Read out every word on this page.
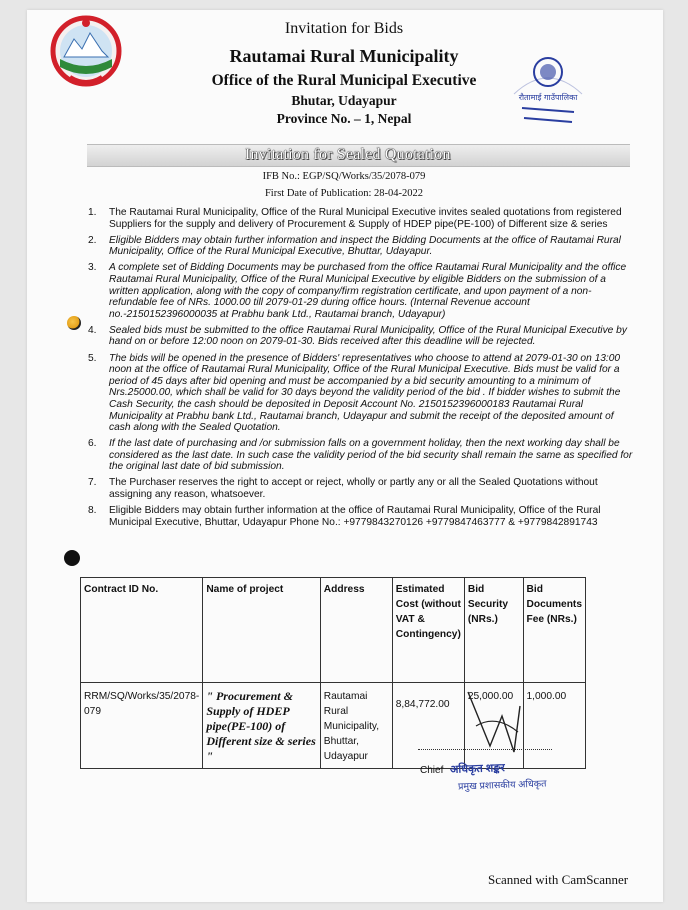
Invitation for Bids
Rautamai Rural Municipality
Office of the Rural Municipal Executive
Bhutar, Udayapur
Province No. – 1, Nepal
रौतामाई गाउँपालिका
Invitation for Sealed Quotation
IFB No.: EGP/SQ/Works/35/2078-079
First Date of Publication: 28-04-2022
1. The Rautamai Rural Municipality, Office of the Rural Municipal Executive invites sealed quotations from registered Suppliers for the supply and delivery of Procurement & Supply of HDEP pipe(PE-100) of Different size & series
2. Eligible Bidders may obtain further information and inspect the Bidding Documents at the office of Rautamai Rural Municipality, Office of the Rural Municipal Executive, Bhuttar, Udayapur.
3. A complete set of Bidding Documents may be purchased from the office Rautamai Rural Municipality and the office Rautamai Rural Municipality, Office of the Rural Municipal Executive by eligible Bidders on the submission of a written application, along with the copy of company/firm registration certificate, and upon payment of a non-refundable fee of NRs. 1000.00 till 2079-01-29 during office hours. (Internal Revenue account no.-2150152396000035 at Prabhu bank Ltd., Rautamai branch, Udayapur)
4. Sealed bids must be submitted to the office Rautamai Rural Municipality, Office of the Rural Municipal Executive by hand on or before 12:00 noon on 2079-01-30. Bids received after this deadline will be rejected.
5. The bids will be opened in the presence of Bidders' representatives who choose to attend at 2079-01-30 on 13:00 noon at the office of Rautamai Rural Municipality, Office of the Rural Municipal Executive. Bids must be valid for a period of 45 days after bid opening and must be accompanied by a bid security amounting to a minimum of Nrs.25000.00, which shall be valid for 30 days beyond the validity period of the bid . If bidder wishes to submit the Cash Security, the cash should be deposited in Deposit Account No. 2150152396000183 Rautamai Rural Municipality at Prabhu bank Ltd., Rautamai branch, Udayapur and submit the receipt of the deposited amount of cash along with the Sealed Quotation.
6. If the last date of purchasing and /or submission falls on a government holiday, then the next working day shall be considered as the last date. In such case the validity period of the bid security shall remain the same as specified for the original last date of bid submission.
7. The Purchaser reserves the right to accept or reject, wholly or partly any or all the Sealed Quotations without assigning any reason, whatsoever.
8. Eligible Bidders may obtain further information at the office of Rautamai Rural Municipality, Office of the Rural Municipal Executive, Bhuttar, Udayapur Phone No.: +9779843270126 +9779847463777 & +9779842891743
Contract ID No.	Name of project	Address	Estimated Cost (without VAT & Contingency)	Bid Security (NRs.)	Bid Documents Fee (NRs.)
RRM/SQ/Works/35/2078-079	" Procurement & Supply of HDEP pipe(PE-100) of Different size & series "	Rautamai Rural Municipality, Bhuttar, Udayapur	8,84,772.00	25,000.00	1,000.00
Chief अधिकृत शङ्कर
प्रमुख प्रशासकीय अधिकृत
Scanned with CamScanner
